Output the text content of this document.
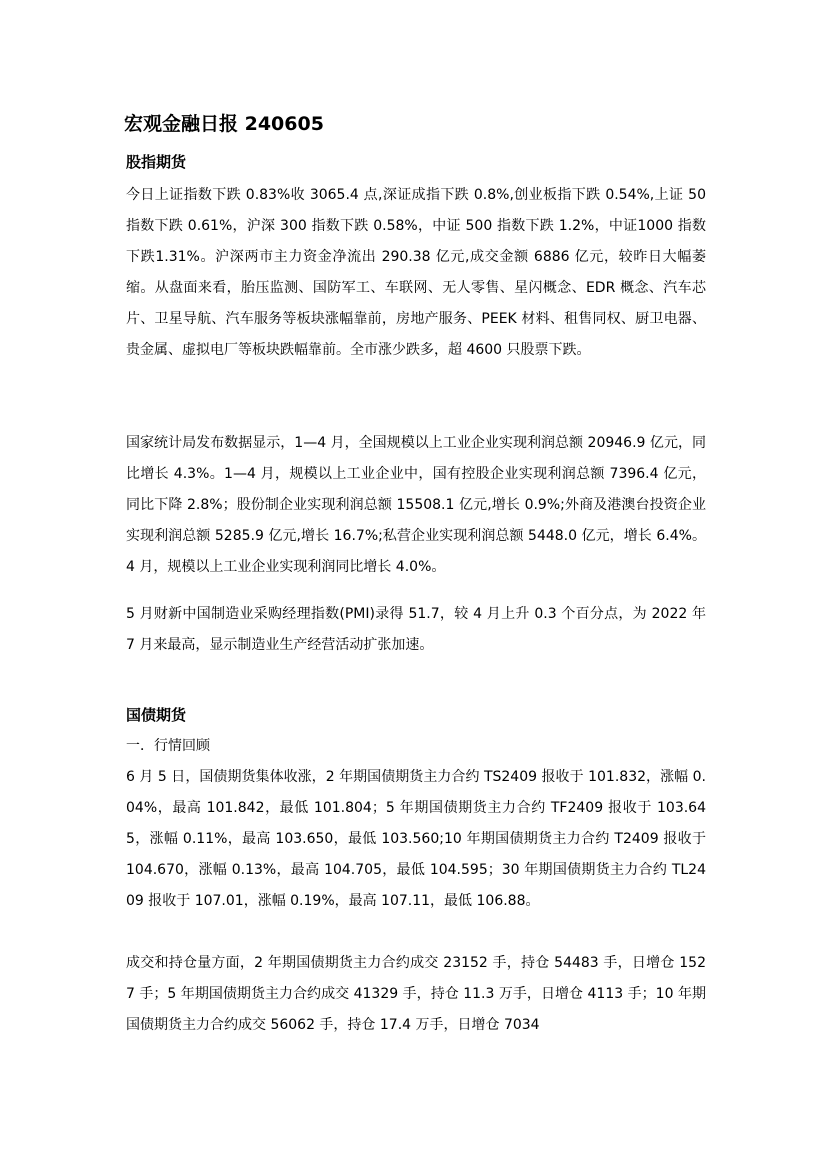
宏观金融日报 240605
股指期货

今日上证指数下跌 0.83%收 3065.4 点,深证成指下跌 0.8%,创业板指下跌 0.54%,上证 50 指数下跌 0.61%，沪深 300 指数下跌 0.58%，中证 500 指数下跌 1.2%，中证1000 指数下跌1.31%。沪深两市主力资金净流出 290.38 亿元,成交金额 6886 亿元，较昨日大幅萎缩。从盘面来看，胎压监测、国防军工、车联网、无人零售、星闪概念、EDR 概念、汽车芯片、卫星导航、汽车服务等板块涨幅靠前，房地产服务、PEEK 材料、租售同权、厨卫电器、贵金属、虚拟电厂等板块跌幅靠前。全市涨少跌多，超 4600 只股票下跌。

国家统计局发布数据显示，1—4 月，全国规模以上工业企业实现利润总额 20946.9 亿元，同比增长 4.3%。1—4 月，规模以上工业企业中，国有控股企业实现利润总额 7396.4 亿元，同比下降 2.8%；股份制企业实现利润总额 15508.1 亿元,增长 0.9%;外商及港澳台投资企业实现利润总额 5285.9 亿元,增长 16.7%;私营企业实现利润总额 5448.0 亿元，增长 6.4%。4 月，规模以上工业企业实现利润同比增长 4.0%。

5 月财新中国制造业采购经理指数(PMI)录得 51.7，较 4 月上升 0.3 个百分点，为 2022 年 7 月来最高，显示制造业生产经营活动扩张加速。

国债期货

一．行情回顾

6 月 5 日，国债期货集体收涨，2 年期国债期货主力合约 TS2409 报收于 101.832，涨幅 0.04%，最高 101.842，最低 101.804；5 年期国债期货主力合约 TF2409 报收于 103.645，涨幅 0.11%，最高 103.650，最低 103.560;10 年期国债期货主力合约 T2409 报收于 104.670，涨幅 0.13%，最高 104.705，最低 104.595；30 年期国债期货主力合约 TL2409 报收于 107.01，涨幅 0.19%，最高 107.11，最低 106.88。

成交和持仓量方面，2 年期国债期货主力合约成交 23152 手，持仓 54483 手，日增仓 1527 手；5 年期国债期货主力合约成交 41329 手，持仓 11.3 万手，日增仓 4113 手；10 年期国债期货主力合约成交 56062 手，持仓 17.4 万手，日增仓 7034
